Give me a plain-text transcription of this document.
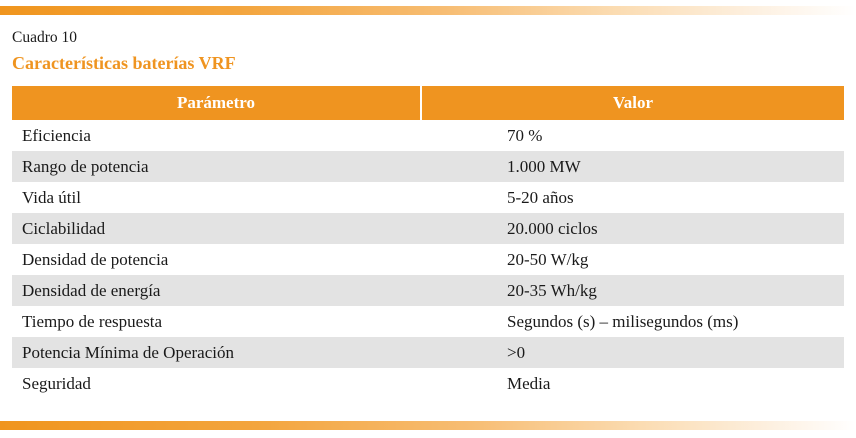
Cuadro 10
Características baterías VRF
Parámetro	Valor
Eficiencia	70 %
Rango de potencia	1.000 MW
Vida útil	5-20 años
Ciclabilidad	20.000 ciclos
Densidad de potencia	20-50 W/kg
Densidad de energía	20-35 Wh/kg
Tiempo de respuesta	Segundos (s) – milisegundos (ms)
Potencia Mínima de Operación	>0
Seguridad	Media
